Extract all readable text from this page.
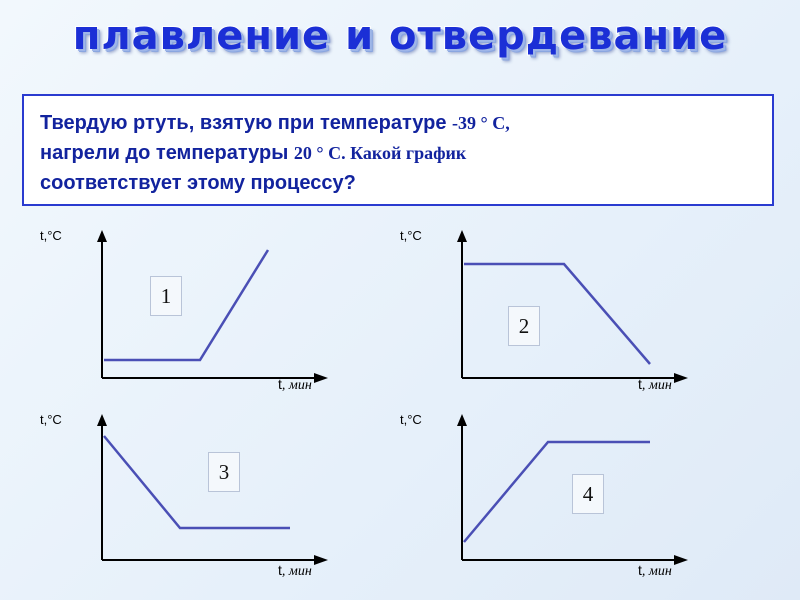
плавление и отвердевание

Твердую ртуть, взятую при температуре -39 ° С,
нагрели до температуры 20 ° С. Какой график
соответствует этому процессу?

t,°C
t, мин
1
t,°C
t, мин
2
t,°C
t, мин
3
t,°C
t, мин
4
